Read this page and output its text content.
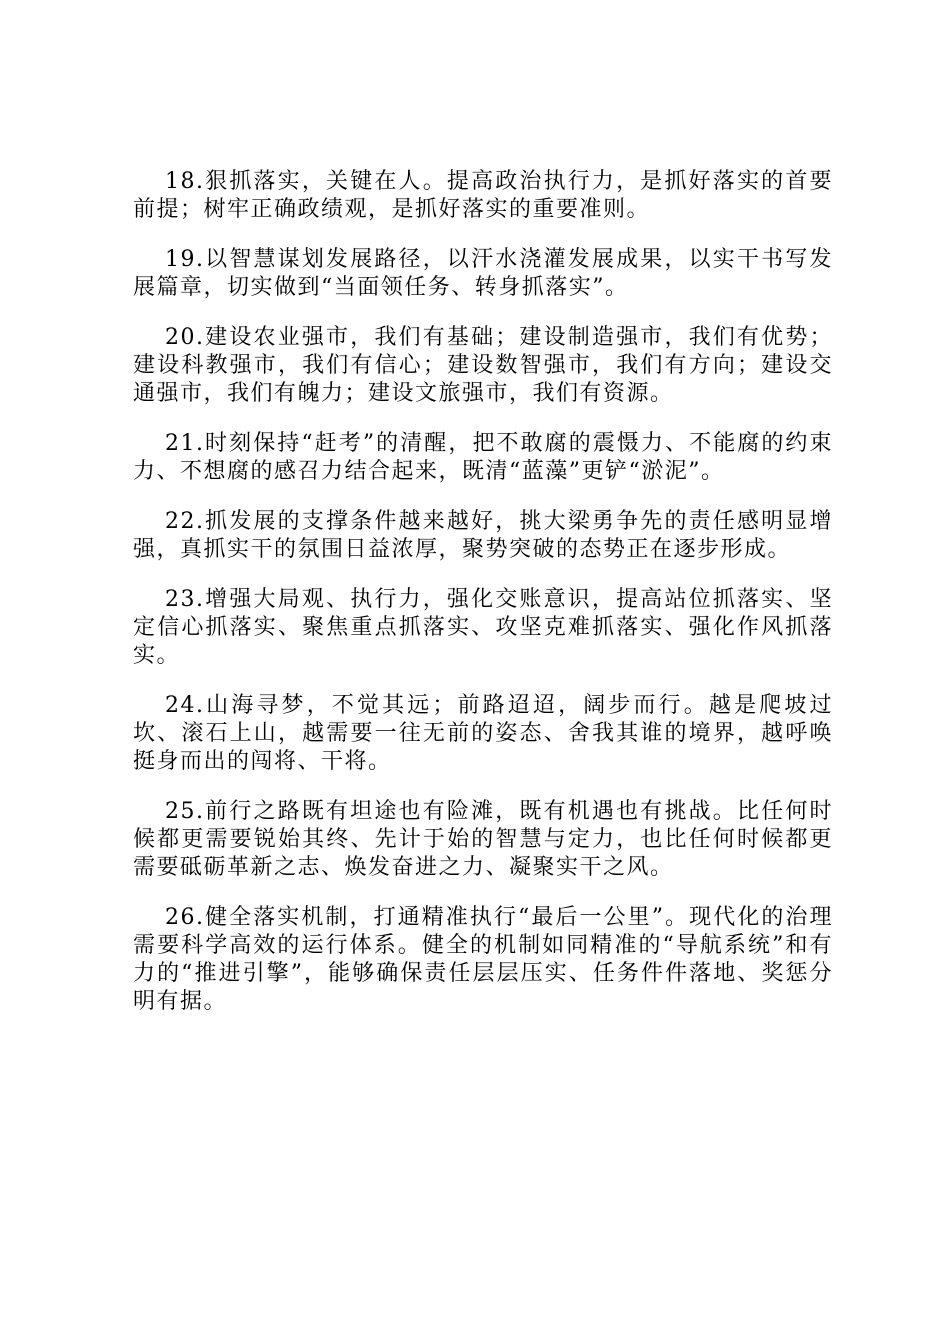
18.狠抓落实，关键在人。提高政治执行力，是抓好落实的首要前提；树牢正确政绩观，是抓好落实的重要准则。

19.以智慧谋划发展路径，以汗水浇灌发展成果，以实干书写发展篇章，切实做到“当面领任务、转身抓落实”。

20.建设农业强市，我们有基础；建设制造强市，我们有优势；建设科教强市，我们有信心；建设数智强市，我们有方向；建设交通强市，我们有魄力；建设文旅强市，我们有资源。

21.时刻保持“赶考”的清醒，把不敢腐的震慑力、不能腐的约束力、不想腐的感召力结合起来，既清“蓝藻”更铲“淤泥”。

22.抓发展的支撑条件越来越好，挑大梁勇争先的责任感明显增强，真抓实干的氛围日益浓厚，聚势突破的态势正在逐步形成。

23.增强大局观、执行力，强化交账意识，提高站位抓落实、坚定信心抓落实、聚焦重点抓落实、攻坚克难抓落实、强化作风抓落实。

24.山海寻梦，不觉其远；前路迢迢，阔步而行。越是爬坡过坎、滚石上山，越需要一往无前的姿态、舍我其谁的境界，越呼唤挺身而出的闯将、干将。

25.前行之路既有坦途也有险滩，既有机遇也有挑战。比任何时候都更需要锐始其终、先计于始的智慧与定力，也比任何时候都更需要砥砺革新之志、焕发奋进之力、凝聚实干之风。

26.健全落实机制，打通精准执行“最后一公里”。现代化的治理需要科学高效的运行体系。健全的机制如同精准的“导航系统”和有力的“推进引擎”，能够确保责任层层压实、任务件件落地、奖惩分明有据。
